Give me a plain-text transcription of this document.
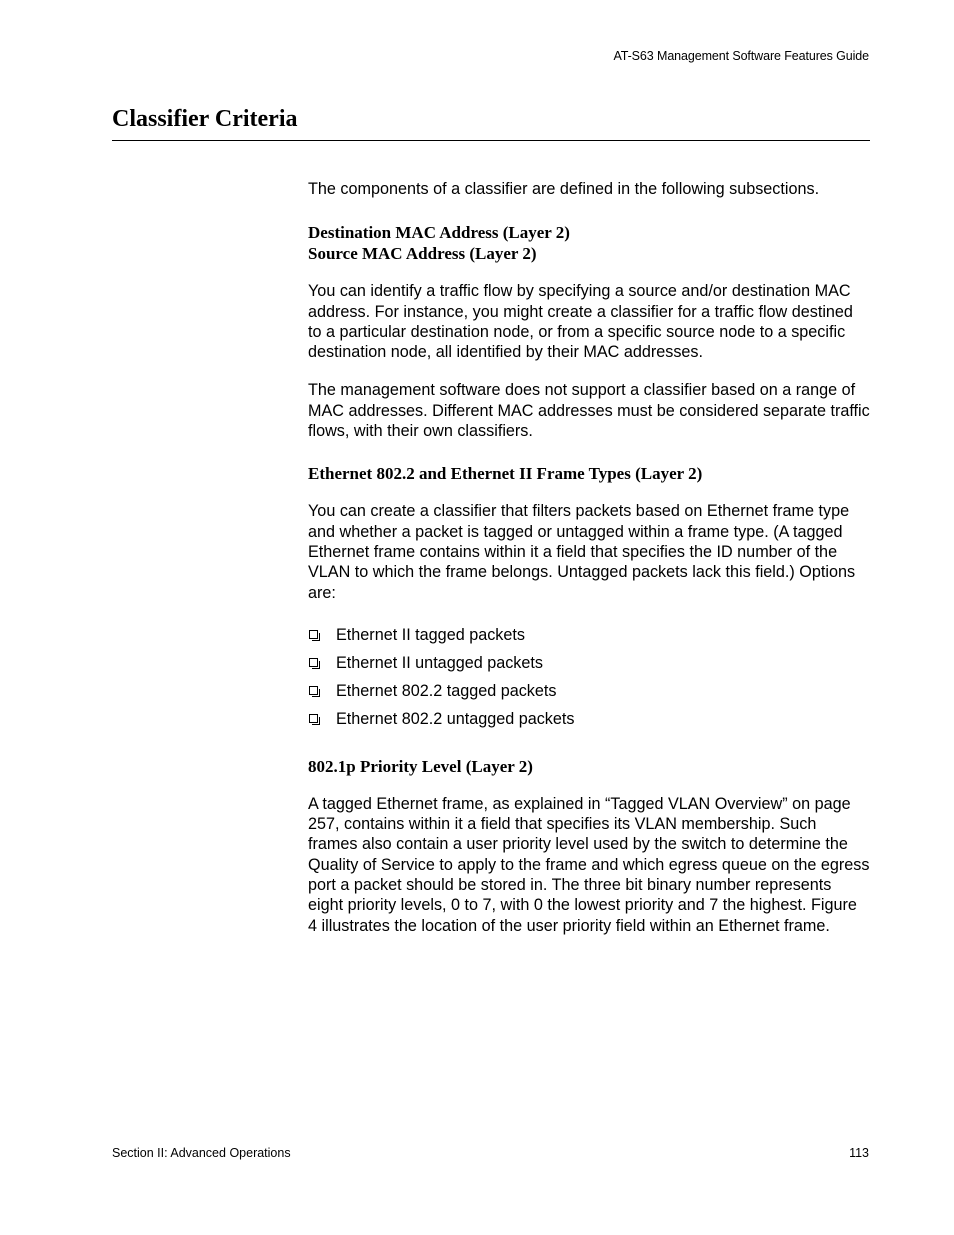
AT-S63 Management Software Features Guide
Classifier Criteria

The components of a classifier are defined in the following subsections.

Destination MAC Address (Layer 2)
Source MAC Address (Layer 2)

You can identify a traffic flow by specifying a source and/or destination MAC address. For instance, you might create a classifier for a traffic flow destined to a particular destination node, or from a specific source node to a specific destination node, all identified by their MAC addresses.

The management software does not support a classifier based on a range of MAC addresses. Different MAC addresses must be considered separate traffic flows, with their own classifiers.

Ethernet 802.2 and Ethernet II Frame Types (Layer 2)

You can create a classifier that filters packets based on Ethernet frame type and whether a packet is tagged or untagged within a frame type. (A tagged Ethernet frame contains within it a field that specifies the ID number of the VLAN to which the frame belongs. Untagged packets lack this field.) Options are:

Ethernet II tagged packets
Ethernet II untagged packets
Ethernet 802.2 tagged packets
Ethernet 802.2 untagged packets
802.1p Priority Level (Layer 2)

A tagged Ethernet frame, as explained in “Tagged VLAN Overview” on page 257, contains within it a field that specifies its VLAN membership. Such frames also contain a user priority level used by the switch to determine the Quality of Service to apply to the frame and which egress queue on the egress port a packet should be stored in. The three bit binary number represents eight priority levels, 0 to 7, with 0 the lowest priority and 7 the highest. Figure 4 illustrates the location of the user priority field within an Ethernet frame.

Section II: Advanced Operations	113
